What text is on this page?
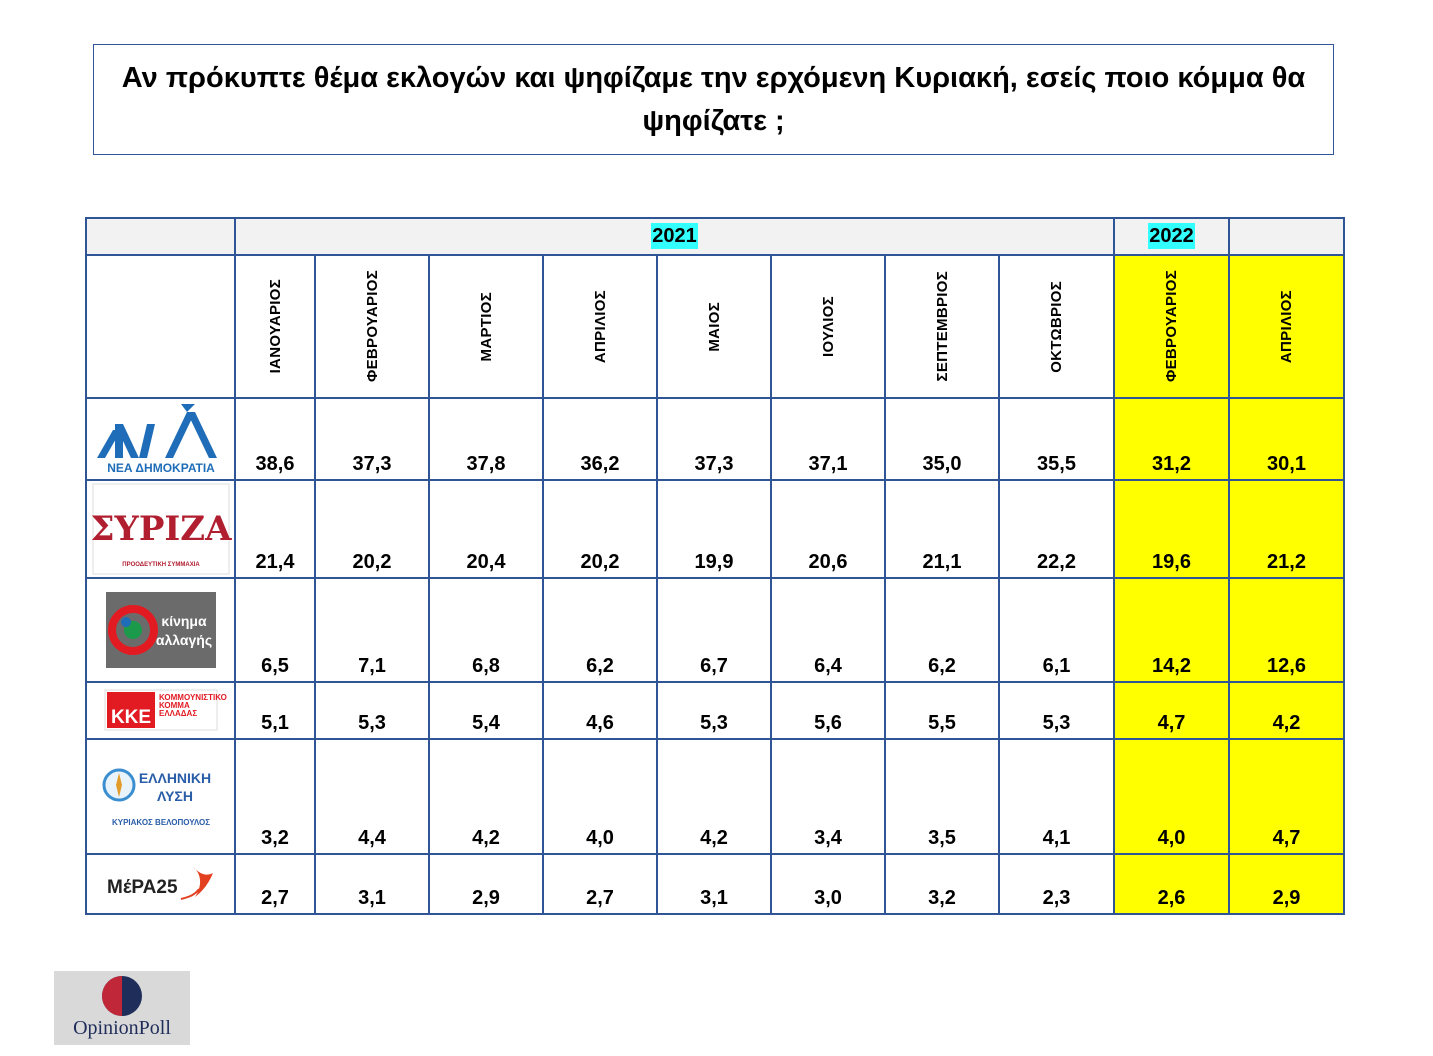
Αν πρόκυπτε θέμα εκλογών και ψηφίζαμε την ερχόμενη Κυριακή, εσείς ποιο κόμμα θα ψηφίζατε ;
	2021								2022	
	ΙΑΝΟΥΑΡΙΟΣ	ΦΕΒΡΟΥΑΡΙΟΣ	ΜΑΡΤΙΟΣ	ΑΠΡΙΛΙΟΣ	ΜΑΙΟΣ	ΙΟΥΛΙΟΣ	ΣΕΠΤΕΜΒΡΙΟΣ	ΟΚΤΩΒΡΙΟΣ	ΦΕΒΡΟΥΑΡΙΟΣ	ΑΠΡΙΛΙΟΣ

ΝΕΑ ΔΗΜΟΚΡΑΤΙΑ	38,6	37,3	37,8	36,2	37,3	37,1	35,0	35,5	31,2	30,1

ΣΥΡΙΖΑ
ΠΡΟΟΔΕΥΤΙΚΗ ΣΥΜΜΑΧΙΑ	21,4	20,2	20,4	20,2	19,9	20,6	21,1	22,2	19,6	21,2

κίνημα
αλλαγής	6,5	7,1	6,8	6,2	6,7	6,4	6,2	6,1	14,2	12,6

ΚΚΕ
ΚΟΜΜΟΥΝΙΣΤΙΚΟ
ΚΟΜΜΑ
ΕΛΛΑΔΑΣ	5,1	5,3	5,4	4,6	5,3	5,6	5,5	5,3	4,7	4,2

ΕΛΛΗΝΙΚΗ
ΛΥΣΗ
ΚΥΡΙΑΚΟΣ ΒΕΛΟΠΟΥΛΟΣ	3,2	4,4	4,2	4,0	4,2	3,4	3,5	4,1	4,0	4,7

ΜέΡΑ25	2,7	3,1	2,9	2,7	3,1	3,0	3,2	2,3	2,6	2,9
OpinionPoll
